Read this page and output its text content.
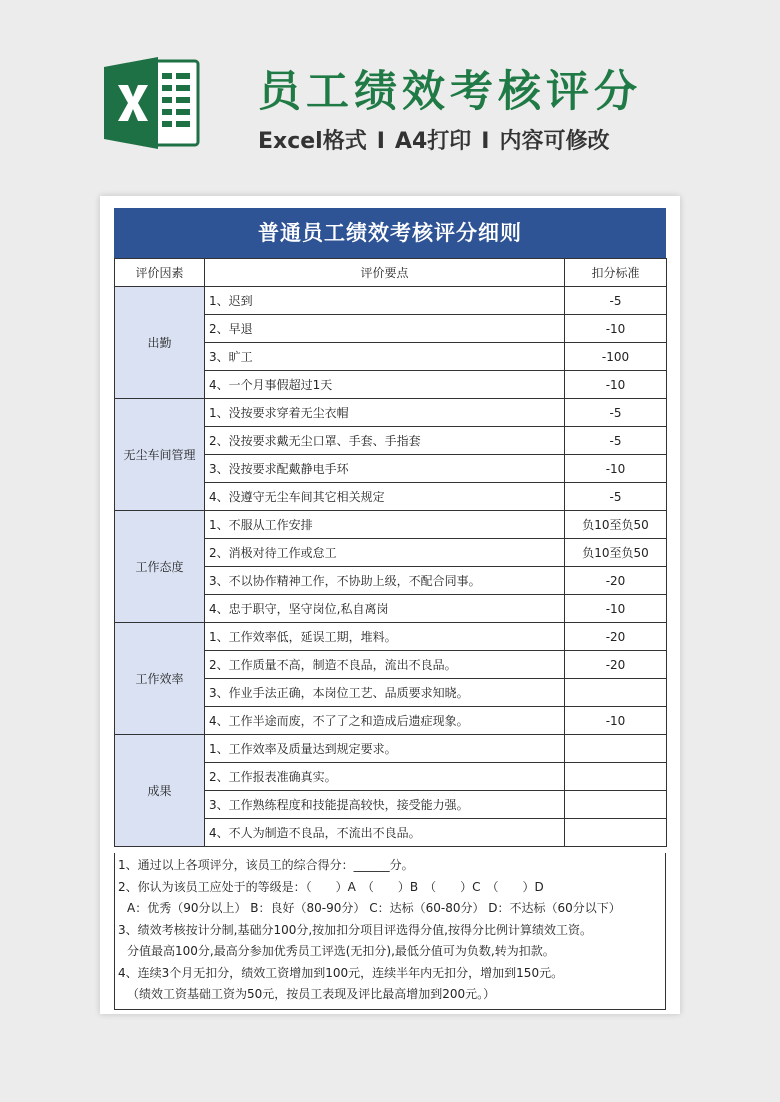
员工绩效考核评分
Excel格式 I A4打印 I 内容可修改
普通员工绩效考核评分细则
评价因素	评价要点	扣分标准
出勤	1、迟到	-5
	2、早退	-10
	3、旷工	-100
	4、一个月事假超过1天	-10
无尘车间管理	1、没按要求穿着无尘衣帽	-5
	2、没按要求戴无尘口罩、手套、手指套	-5
	3、没按要求配戴静电手环	-10
	4、没遵守无尘车间其它相关规定	-5
工作态度	1、不服从工作安排	负10至负50
	2、消极对待工作或怠工	负10至负50
	3、不以协作精神工作，不协助上级，不配合同事。	-20
	4、忠于职守，坚守岗位,私自离岗	-10
工作效率	1、工作效率低，延误工期，堆料。	-20
	2、工作质量不高，制造不良品，流出不良品。	-20
	3、作业手法正确，本岗位工艺、品质要求知晓。	
	4、工作半途而废，不了了之和造成后遗症现象。	-10
成果	1、工作效率及质量达到规定要求。	
	2、工作报表准确真实。	
	3、工作熟练程度和技能提高较快，接受能力强。	
	4、不人为制造不良品，不流出不良品。	
1、通过以上各项评分，该员工的综合得分：______分。
2、你认为该员工应处于的等级是：（　　）A　（　　）B　（　　）C　（　　）D
A：优秀（90分以上） B：良好（80-90分） C：达标（60-80分） D：不达标（60分以下）
3、绩效考核按计分制,基础分100分,按加扣分项目评选得分值,按得分比例计算绩效工资。
分值最高100分,最高分参加优秀员工评选(无扣分),最低分值可为负数,转为扣款。
4、连续3个月无扣分，绩效工资增加到100元，连续半年内无扣分，增加到150元。
（绩效工资基础工资为50元，按员工表现及评比最高增加到200元。）
